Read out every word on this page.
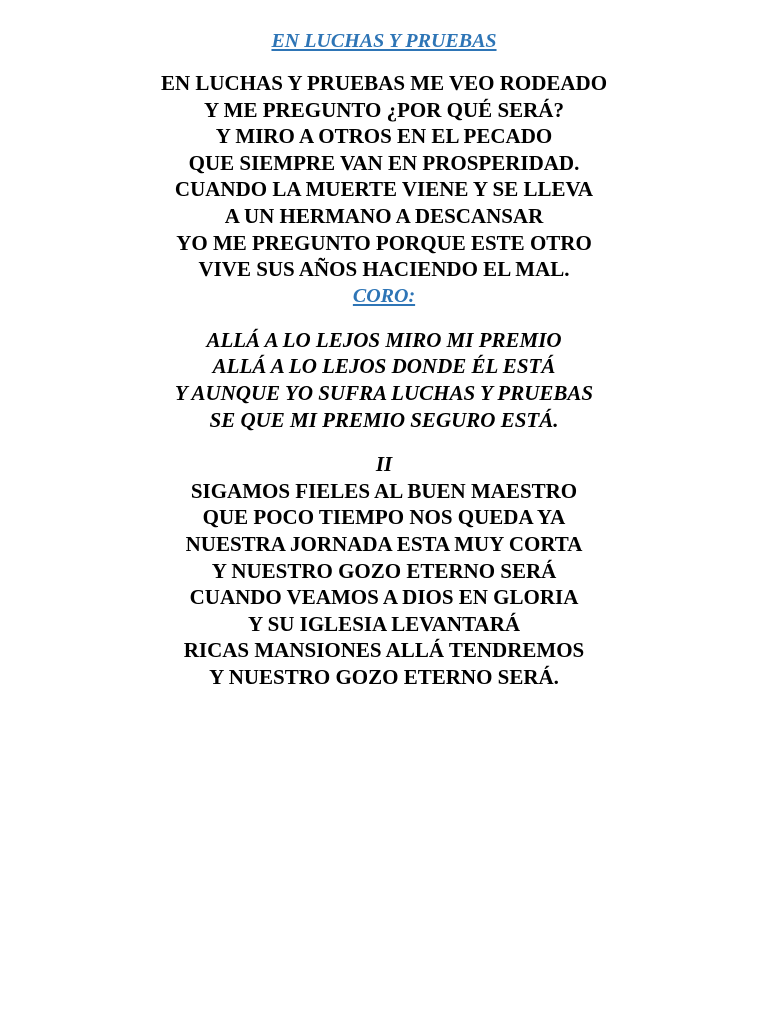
EN LUCHAS Y PRUEBAS
EN LUCHAS Y PRUEBAS ME VEO RODEADO
Y ME PREGUNTO ¿POR QUÉ SERÁ?
Y MIRO A OTROS EN EL PECADO
QUE SIEMPRE VAN EN PROSPERIDAD.
CUANDO LA MUERTE VIENE Y SE LLEVA
A UN HERMANO A DESCANSAR
YO ME PREGUNTO PORQUE ESTE OTRO
VIVE SUS AÑOS HACIENDO EL MAL.
CORO:
ALLÁ A LO LEJOS MIRO MI PREMIO
ALLÁ A LO LEJOS DONDE ÉL ESTÁ
Y AUNQUE YO SUFRA LUCHAS Y PRUEBAS
SE QUE MI PREMIO SEGURO ESTÁ.
II
SIGAMOS FIELES AL BUEN MAESTRO
QUE POCO TIEMPO NOS QUEDA YA
NUESTRA JORNADA ESTA MUY CORTA
Y NUESTRO GOZO ETERNO SERÁ
CUANDO VEAMOS A DIOS EN GLORIA
Y SU IGLESIA LEVANTARÁ
RICAS MANSIONES ALLÁ TENDREMOS
Y NUESTRO GOZO ETERNO SERÁ.
